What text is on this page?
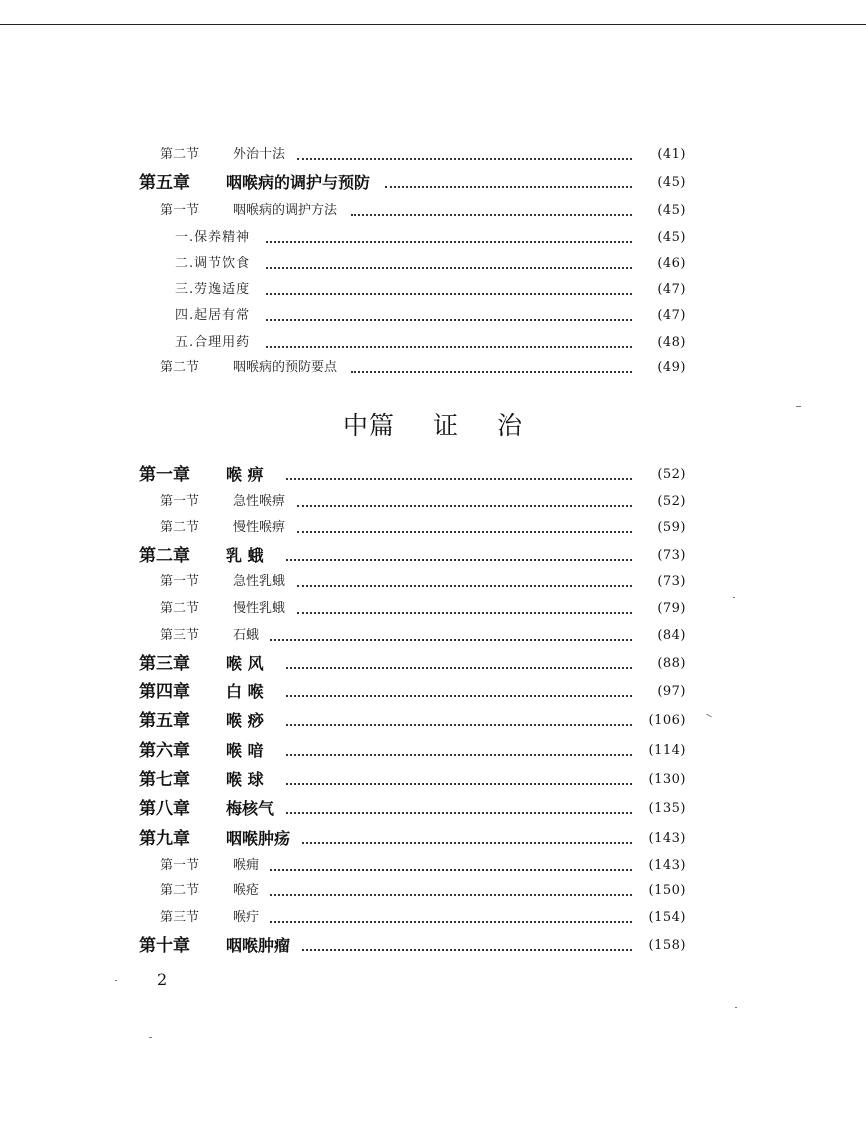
第二节	外治十法	(41)
第五章 咽喉病的调护与预防	(45)
第一节	咽喉病的调护方法	(45)
一.保养精神	(45)
二.调节饮食	(46)
三.劳逸适度	(47)
四.起居有常	(47)
五.合理用药	(48)
第二节	咽喉病的预防要点	(49)
中篇 证 治
第一章 喉 痹	(52)
第一节	急性喉痹	(52)
第二节	慢性喉痹	(59)
第二章 乳 蛾	(73)
第一节	急性乳蛾	(73)
第二节	慢性乳蛾	(79)
第三节	石蛾	(84)
第三章 喉 风	(88)
第四章 白 喉	(97)
第五章 喉 痧	(106)
第六章 喉 喑	(114)
第七章 喉 球	(130)
第八章 梅核气	(135)
第九章 咽喉肿疡	(143)
第一节	喉痈	(143)
第二节	喉疮	(150)
第三节	喉疔	(154)
第十章 咽喉肿瘤	(158)
2
